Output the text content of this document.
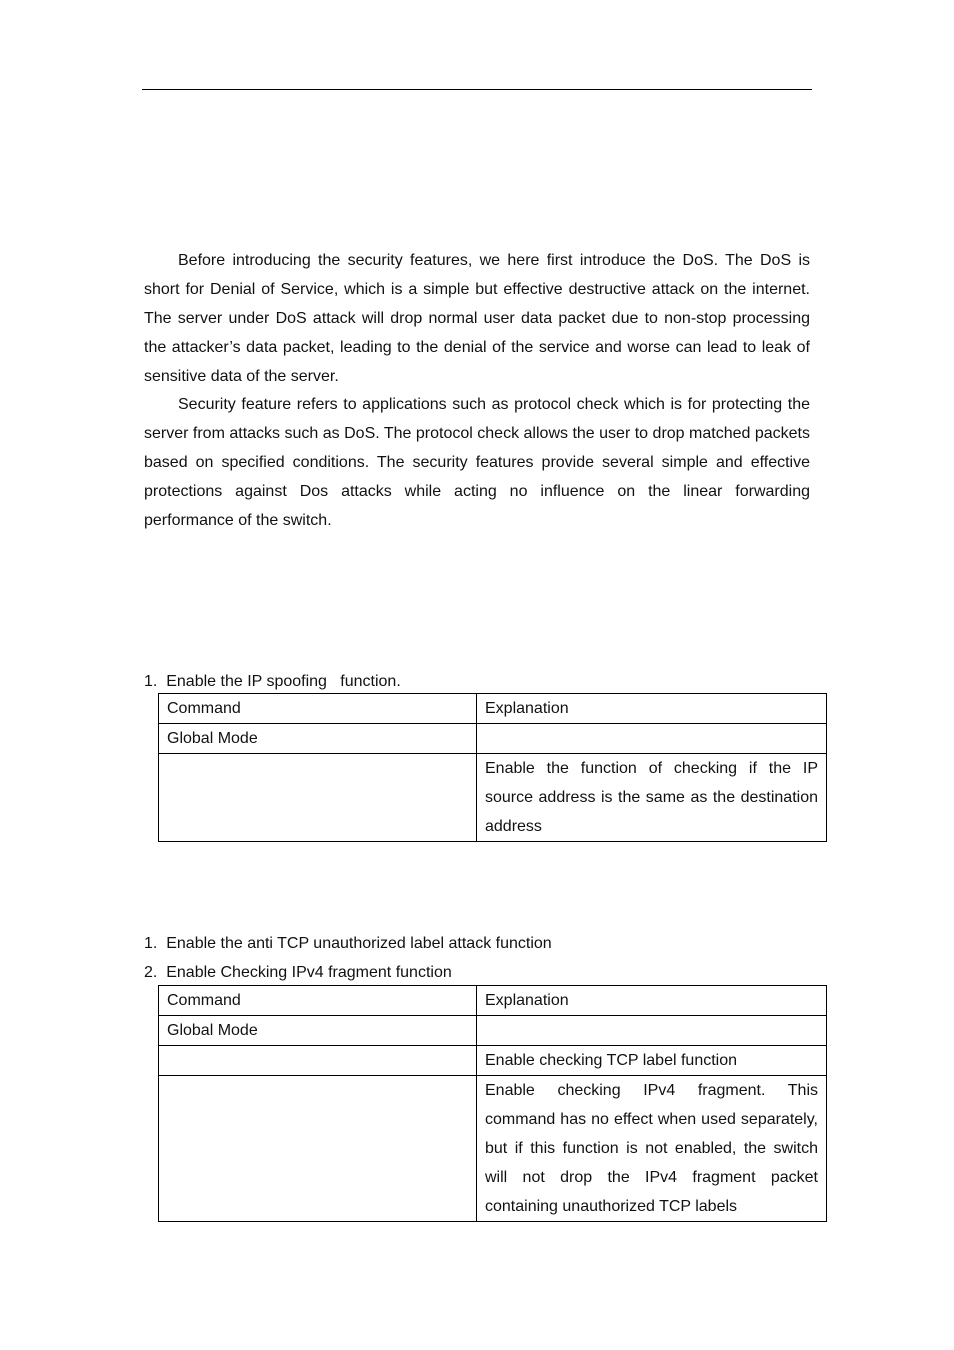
Before introducing the security features, we here first introduce the DoS. The DoS is short for Denial of Service, which is a simple but effective destructive attack on the internet. The server under DoS attack will drop normal user data packet due to non-stop processing the attacker’s data packet, leading to the denial of the service and worse can lead to leak of sensitive data of the server.

Security feature refers to applications such as protocol check which is for protecting the server from attacks such as DoS. The protocol check allows the user to drop matched packets based on specified conditions. The security features provide several simple and effective protections against Dos attacks while acting no influence on the linear forwarding performance of the switch.

1.  Enable the IP spoofing   function.
Command	Explanation
Global Mode	
	Enable the function of checking if the IP source address is the same as the destination address
1.  Enable the anti TCP unauthorized label attack function
2.  Enable Checking IPv4 fragment function
Command	Explanation
Global Mode	
	Enable checking TCP label function
	Enable checking IPv4 fragment. This command has no effect when used separately, but if this function is not enabled, the switch will not drop the IPv4 fragment packet containing unauthorized TCP labels
